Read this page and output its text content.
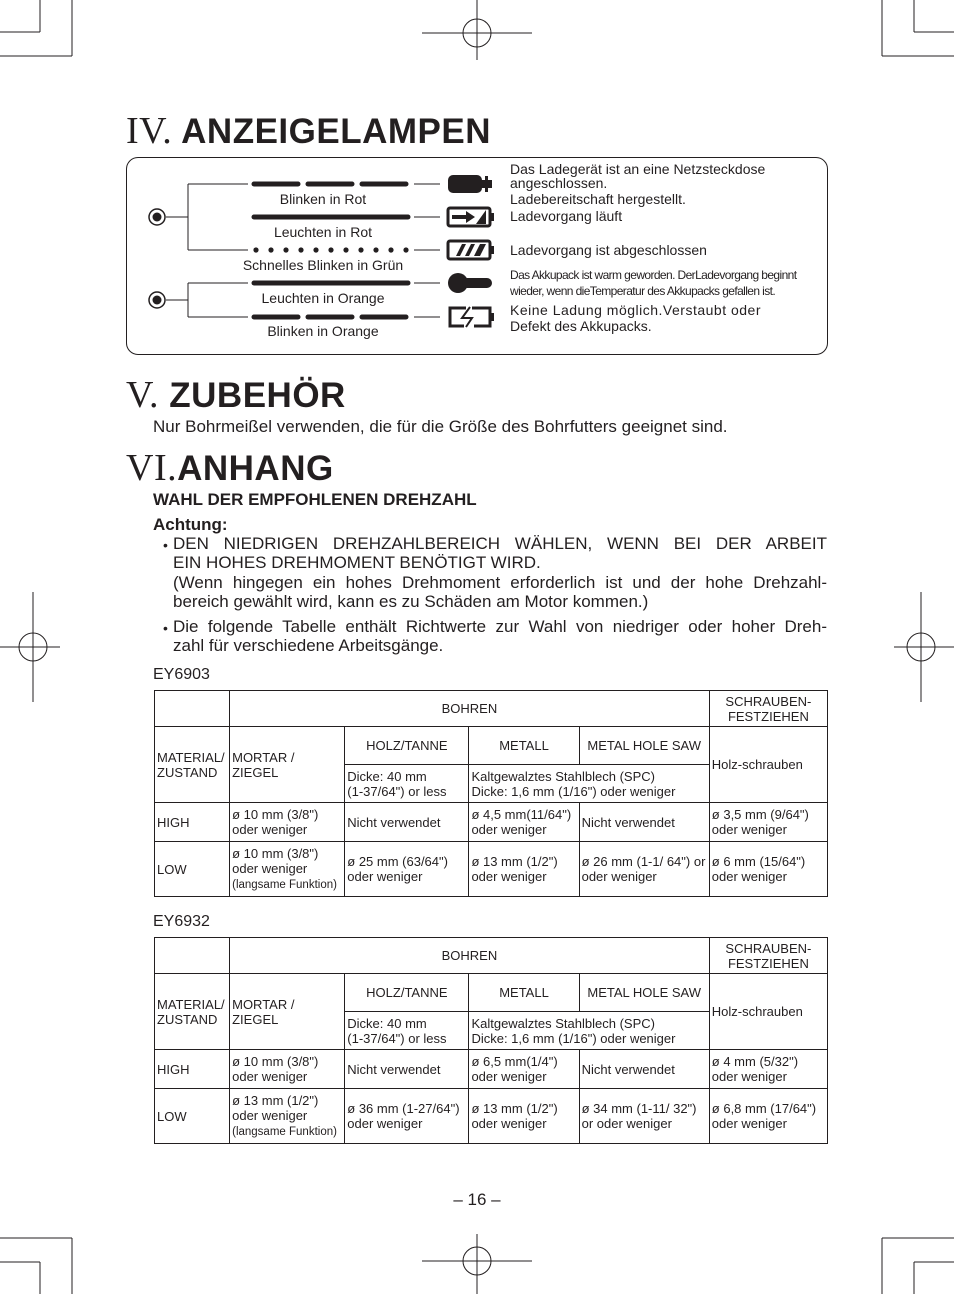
IV. ANZEIGELAMPEN
Blinken in Rot
Leuchten in Rot
Schnelles Blinken in Grün
Leuchten in Orange
Blinken in Orange
Das Ladegerät ist an eine Netzsteckdose
angeschlossen.
Ladebereitschaft hergestellt.
Ladevorgang läuft
Ladevorgang ist abgeschlossen
Das Akkupack ist warm geworden. DerLadevorgang beginnt
wieder, wenn dieTemperatur des Akkupacks gefallen ist.
Keine Ladung möglich.Verstaubt oder
Defekt des Akkupacks.
V. ZUBEHÖR
Nur Bohrmeißel verwenden, die für die Größe des Bohrfutters geeignet sind.
VI.ANHANG
WAHL DER EMPFOHLENEN DREHZAHL
Achtung:
• DEN NIEDRIGEN DREHZAHLBEREICH WÄHLEN, WENN BEI DER ARBEIT
EIN HOHES DREHMOMENT BENÖTIGT WIRD.
(Wenn hingegen ein hohes Drehmoment erforderlich ist und der hohe Drehzahl-
bereich gewählt wird, kann es zu Schäden am Motor kommen.)
• Die folgende Tabelle enthält Richtwerte zur Wahl von niedriger oder hoher Dreh-
zahl für verschiedene Arbeitsgänge.
EY6903
	BOHREN				SCHRAUBEN-
FESTZIEHEN
MATERIAL/
ZUSTAND	MORTAR / ZIEGEL	HOLZ/TANNE	METALL	METAL HOLE SAW	Holz-schrauben
		Dicke: 40 mm
(1-37/64") or less	Kaltgewalztes Stahlblech (SPC)
Dicke: 1,6 mm (1/16") oder weniger		
HIGH	ø 10 mm (3/8")
oder weniger	Nicht verwendet	ø 4,5 mm(11/64")
oder weniger	Nicht verwendet	ø 3,5 mm (9/64")
oder weniger
LOW	ø 10 mm (3/8")
oder weniger
(langsame Funktion)	ø 25 mm (63/64")
oder weniger	ø 13 mm (1/2")
oder weniger	ø 26 mm (1-1/ 64") or
oder weniger	ø 6 mm (15/64")
oder weniger
EY6932
	BOHREN				SCHRAUBEN-
FESTZIEHEN
MATERIAL/
ZUSTAND	MORTAR / ZIEGEL	HOLZ/TANNE	METALL	METAL HOLE SAW	Holz-schrauben
		Dicke: 40 mm
(1-37/64") or less	Kaltgewalztes Stahlblech (SPC)
Dicke: 1,6 mm (1/16") oder weniger		
HIGH	ø 10 mm (3/8")
oder weniger	Nicht verwendet	ø 6,5 mm(1/4")
oder weniger	Nicht verwendet	ø 4 mm (5/32")
oder weniger
LOW	ø 13 mm (1/2")
oder weniger
(langsame Funktion)	ø 36 mm (1-27/64")
oder weniger	ø 13 mm (1/2")
oder weniger	ø 34 mm (1-11/ 32")
or oder weniger	ø 6,8 mm (17/64")
oder weniger
– 16 –
